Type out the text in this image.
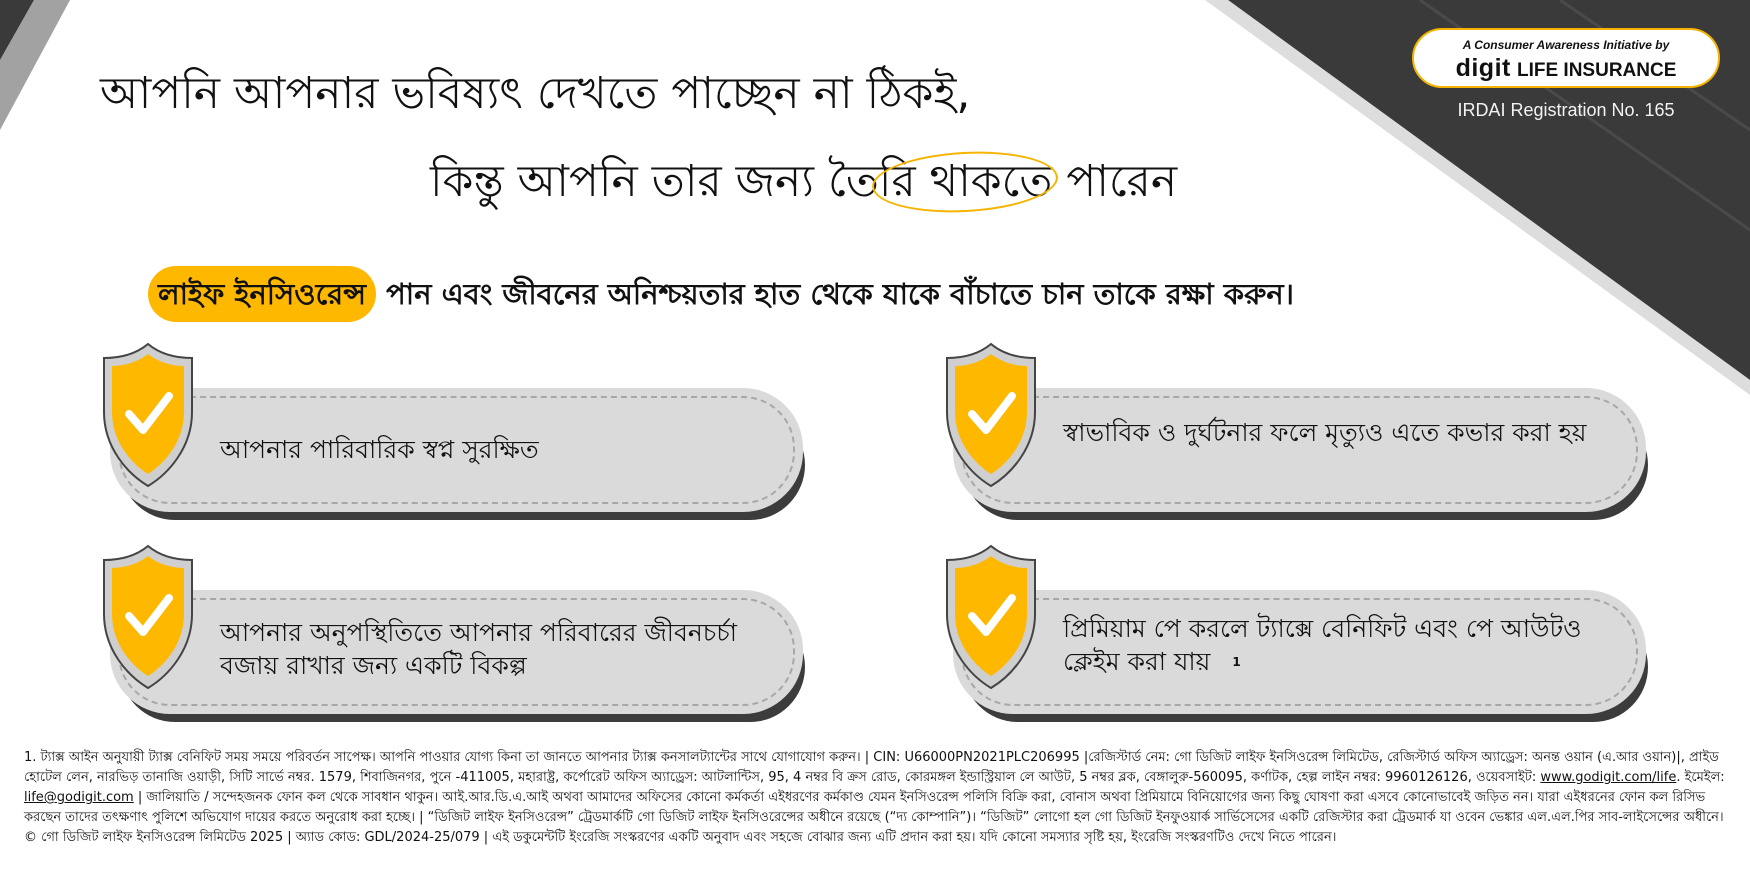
A Consumer Awareness Initiative by
digit LIFE INSURANCE
IRDAI Registration No. 165
আপনি আপনার ভবিষ্যৎ দেখতে পাচ্ছেন না ঠিকই,
কিন্তু আপনি তার জন্য তৈরি থাকতে পারেন
লাইফ ইনসিওরেন্স পান এবং জীবনের অনিশ্চয়তার হাত থেকে যাকে বাঁচাতে চান তাকে রক্ষা করুন।
আপনার পারিবারিক স্বপ্ন সুরক্ষিত
স্বাভাবিক ও দুর্ঘটনার ফলে মৃত্যুও এতে কভার করা হয়
আপনার অনুপস্থিতিতে আপনার পরিবারের জীবনচর্চা বজায় রাখার জন্য একটি বিকল্প
প্রিমিয়াম পে করলে ট্যাক্সে বেনিফিট এবং পে আউটও ক্লেইম করা যায় 1
1. ট্যাক্স আইন অনুযায়ী ট্যাক্স বেনিফিট সময় সময়ে পরিবর্তন সাপেক্ষ। আপনি পাওয়ার যোগ্য কিনা তা জানতে আপনার ট্যাক্স কনসালট্যান্টের সাথে যোগাযোগ করুন। | CIN: U66000PN2021PLC206995 |রেজিস্টার্ড নেম: গো ডিজিট লাইফ ইনসিওরেন্স লিমিটেড, রেজিস্টার্ড অফিস অ্যাড্রেস: অনন্ত ওয়ান (এ.আর ওয়ান)|, প্রাইড হোটেল লেন, নারভিড় তানাজি ওয়াড়ী, সিটি সার্ভে নম্বর. 1579, শিবাজিনগর, পুনে -411005, মহারাষ্ট্র, কর্পোরেট অফিস অ্যাড্রেস: আটলান্টিস, 95, 4 নম্বর বি ক্রস রোড, কোরমঙ্গল ইন্ডাস্ট্রিয়াল লে আউট, 5 নম্বর ব্লক, বেঙ্গালুরু-560095, কর্ণাটক, হেল্প লাইন নম্বর: 9960126126, ওয়েবসাইট: www.godigit.com/life. ইমেইল: life@godigit.com | জালিয়াতি / সন্দেহজনক ফোন কল থেকে সাবধান থাকুন। আই.আর.ডি.এ.আই অথবা আমাদের অফিসের কোনো কর্মকর্তা এইধরণের কর্মকাণ্ড যেমন ইনসিওরেন্স পলিসি বিক্রি করা, বোনাস অথবা প্রিমিয়ামে বিনিয়োগের জন্য কিছু ঘোষণা করা এসবে কোনোভাবেই জড়িত নন। যারা এইধরনের ফোন কল রিসিভ করছেন তাদের তৎক্ষণাৎ পুলিশে অভিযোগ দায়ের করতে অনুরোধ করা হচ্ছে। | “ডিজিট লাইফ ইনসিওরেন্স” ট্রেডমার্কটি গো ডিজিট লাইফ ইনসিওরেন্সের অধীনে রয়েছে (“দ্য কোম্পানি”)। “ডিজিট” লোগো হল গো ডিজিট ইনফুওয়ার্ক সার্ভিসেসের একটি রেজিস্টার করা ট্রেডমার্ক যা ওবেন ভেঙ্কার এল.এল.পির সাব-লাইসেন্সের অধীনে। © গো ডিজিট লাইফ ইনসিওরেন্স লিমিটেড 2025 | অ্যাড কোড: GDL/2024-25/079 | এই ডকুমেন্টটি ইংরেজি সংস্করণের একটি অনুবাদ এবং সহজে বোঝার জন্য এটি প্রদান করা হয়। যদি কোনো সমস্যার সৃষ্টি হয়, ইংরেজি সংস্করণটিও দেখে নিতে পারেন।
